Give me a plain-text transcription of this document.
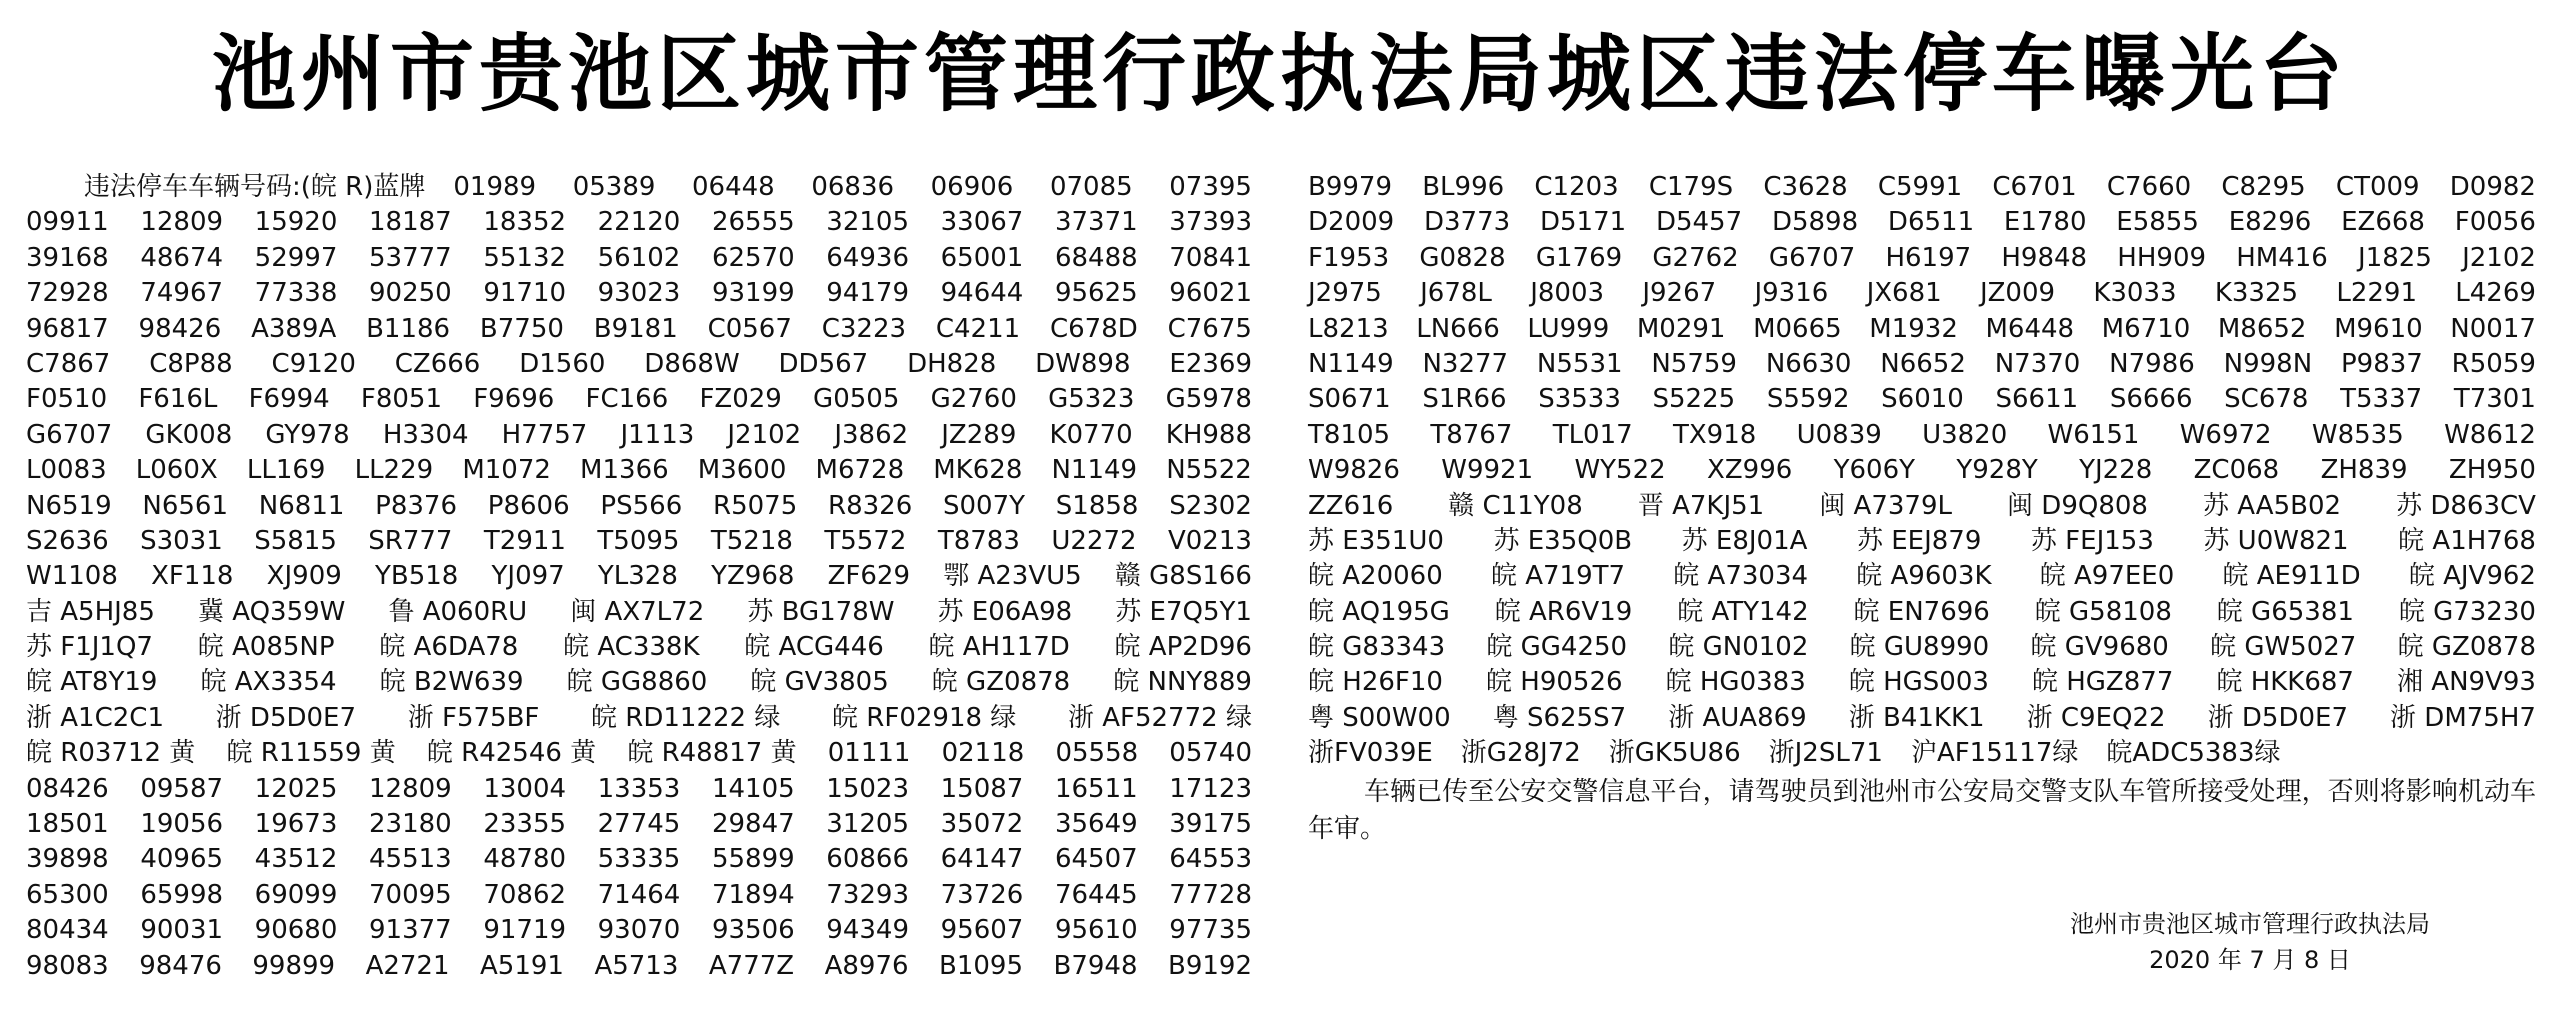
池州市贵池区城市管理行政执法局城区违法停车曝光台
违法停车车辆号码:(皖 R)蓝牌 01989 05389 06448 06836 06906 07085 07395
09911 12809 15920 18187 18352 22120 26555 32105 33067 37371 37393
39168 48674 52997 53777 55132 56102 62570 64936 65001 68488 70841
72928 74967 77338 90250 91710 93023 93199 94179 94644 95625 96021
96817 98426 A389A B1186 B7750 B9181 C0567 C3223 C4211 C678D C7675
C7867 C8P88 C9120 CZ666 D1560 D868W DD567 DH828 DW898 E2369
F0510 F616L F6994 F8051 F9696 FC166 FZ029 G0505 G2760 G5323 G5978
G6707 GK008 GY978 H3304 H7757 J1113 J2102 J3862 JZ289 K0770 KH988
L0083 L060X LL169 LL229 M1072 M1366 M3600 M6728 MK628 N1149 N5522
N6519 N6561 N6811 P8376 P8606 PS566 R5075 R8326 S007Y S1858 S2302
S2636 S3031 S5815 SR777 T2911 T5095 T5218 T5572 T8783 U2272 V0213
W1108 XF118 XJ909 YB518 YJ097 YL328 YZ968 ZF629 鄂 A23VU5 赣 G8S166
吉 A5HJ85 冀 AQ359W 鲁 A060RU 闽 AX7L72 苏 BG178W 苏 E06A98 苏 E7Q5Y1
苏 F1J1Q7 皖 A085NP 皖 A6DA78 皖 AC338K 皖 ACG446 皖 AH117D 皖 AP2D96
皖 AT8Y19 皖 AX3354 皖 B2W639 皖 GG8860 皖 GV3805 皖 GZ0878 皖 NNY889
浙 A1C2C1 浙 D5D0E7 浙 F575BF 皖 RD11222 绿 皖 RF02918 绿 浙 AF52772 绿
皖 R03712 黄 皖 R11559 黄 皖 R42546 黄 皖 R48817 黄 01111 02118 05558 05740
08426 09587 12025 12809 13004 13353 14105 15023 15087 16511 17123
18501 19056 19673 23180 23355 27745 29847 31205 35072 35649 39175
39898 40965 43512 45513 48780 53335 55899 60866 64147 64507 64553
65300 65998 69099 70095 70862 71464 71894 73293 73726 76445 77728
80434 90031 90680 91377 91719 93070 93506 94349 95607 95610 97735
98083 98476 99899 A2721 A5191 A5713 A777Z A8976 B1095 B7948 B9192
B9979 BL996 C1203 C179S C3628 C5991 C6701 C7660 C8295 CT009 D0982
D2009 D3773 D5171 D5457 D5898 D6511 E1780 E5855 E8296 EZ668 F0056
F1953 G0828 G1769 G2762 G6707 H6197 H9848 HH909 HM416 J1825 J2102
J2975 J678L J8003 J9267 J9316 JX681 JZ009 K3033 K3325 L2291 L4269
L8213 LN666 LU999 M0291 M0665 M1932 M6448 M6710 M8652 M9610 N0017
N1149 N3277 N5531 N5759 N6630 N6652 N7370 N7986 N998N P9837 R5059
S0671 S1R66 S3533 S5225 S5592 S6010 S6611 S6666 SC678 T5337 T7301
T8105 T8767 TL017 TX918 U0839 U3820 W6151 W6972 W8535 W8612
W9826 W9921 WY522 XZ996 Y606Y Y928Y YJ228 ZC068 ZH839 ZH950
ZZ616 赣 C11Y08 晋 A7KJ51 闽 A7379L 闽 D9Q808 苏 AA5B02 苏 D863CV
苏 E351U0 苏 E35Q0B 苏 E8J01A 苏 EEJ879 苏 FEJ153 苏 U0W821 皖 A1H768
皖 A20060 皖 A719T7 皖 A73034 皖 A9603K 皖 A97EE0 皖 AE911D 皖 AJV962
皖 AQ195G 皖 AR6V19 皖 ATY142 皖 EN7696 皖 G58108 皖 G65381 皖 G73230
皖 G83343 皖 GG4250 皖 GN0102 皖 GU8990 皖 GV9680 皖 GW5027 皖 GZ0878
皖 H26F10 皖 H90526 皖 HG0383 皖 HGS003 皖 HGZ877 皖 HKK687 湘 AN9V93
粤 S00W00 粤 S625S7 浙 AUA869 浙 B41KK1 浙 C9EQ22 浙 D5D0E7 浙 DM75H7
浙FV039E 浙G28J72 浙GK5U86 浙J2SL71 沪AF15117绿 皖ADC5383绿
车辆已传至公安交警信息平台，请驾驶员到池州市公安局交警支队车管所接受处理，否则将影响机动车年审。
池州市贵池区城市管理行政执法局
2020 年 7 月 8 日
